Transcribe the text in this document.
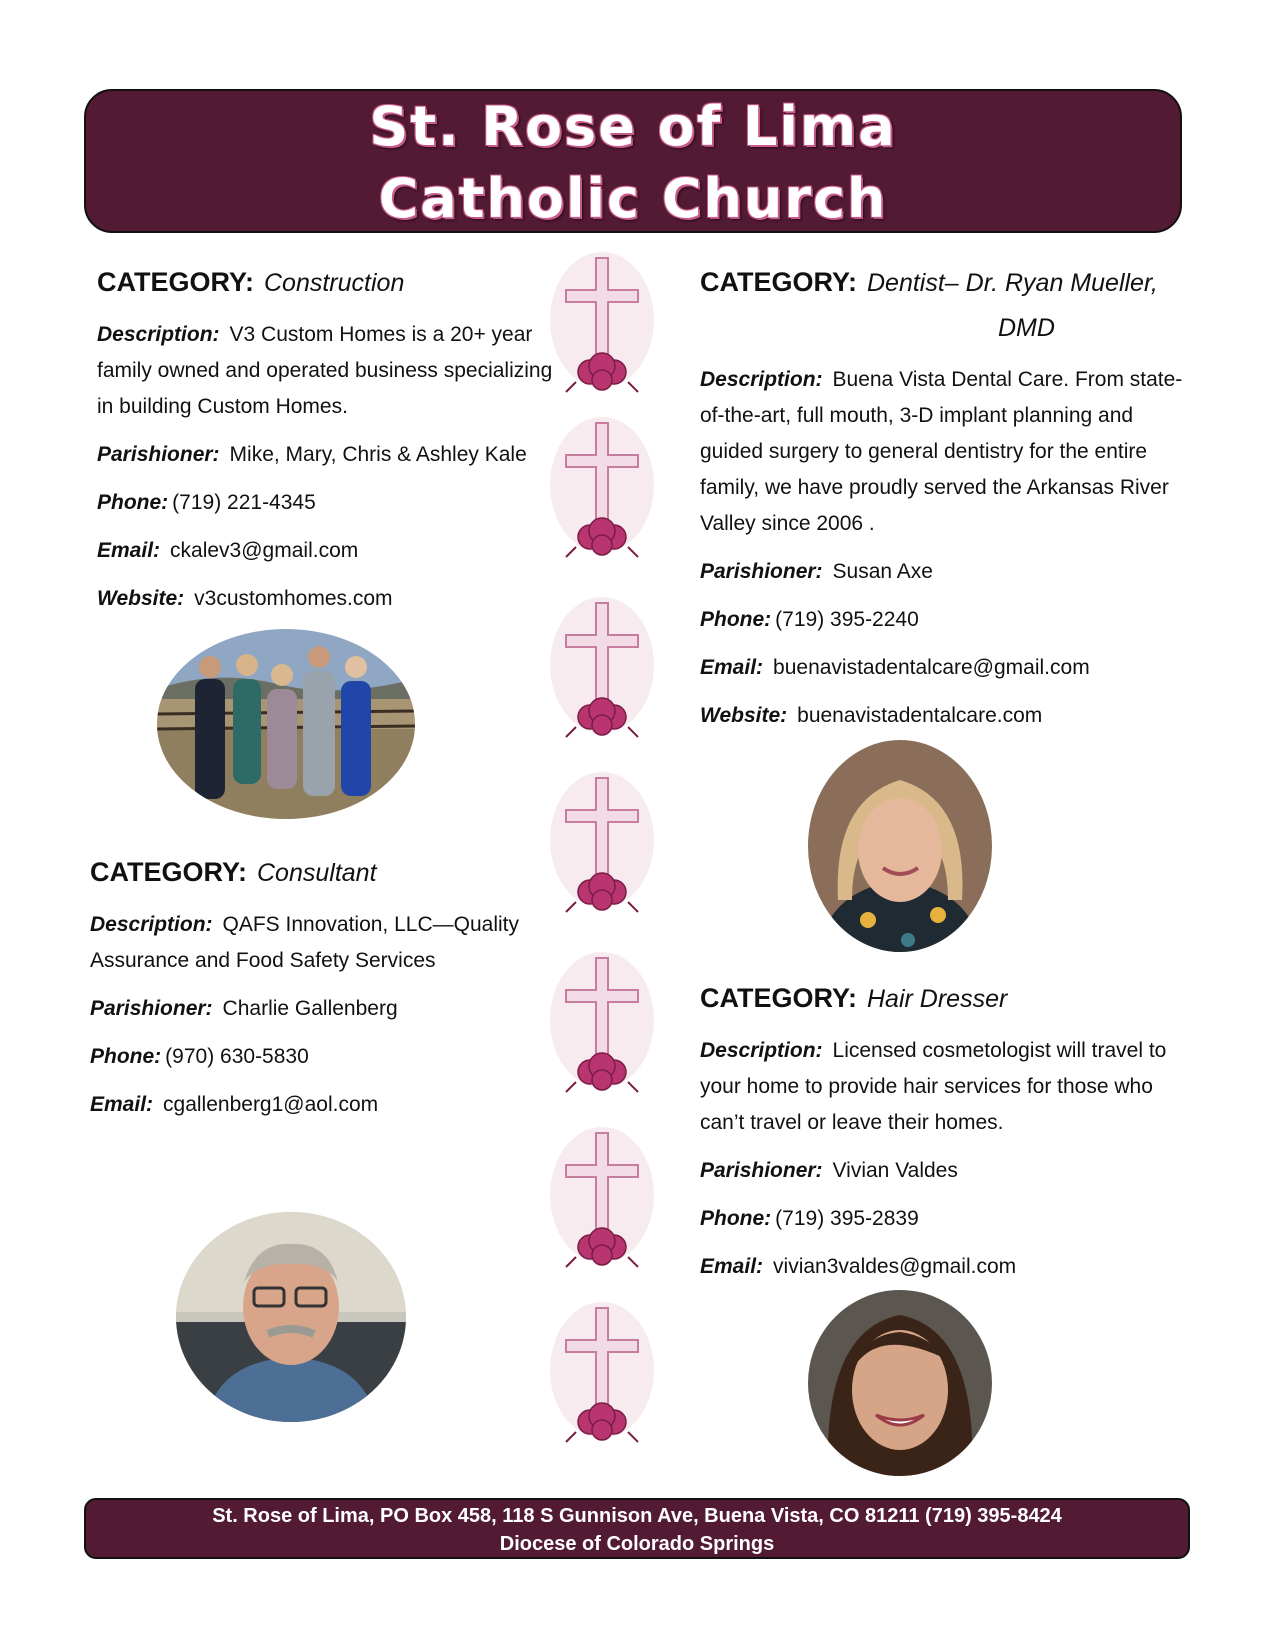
St. Rose of Lima
Catholic Church
CATEGORY: Construction

Description: V3 Custom Homes is a 20+ year family owned and operated business specializing in building Custom Homes.

Parishioner: Mike, Mary, Chris & Ashley Kale

Phone: (719) 221-4345

Email: ckalev3@gmail.com

Website: v3customhomes.com

CATEGORY: Consultant

Description: QAFS Innovation, LLC—Quality Assurance and Food Safety Services

Parishioner: Charlie Gallenberg

Phone: (970) 630-5830

Email: cgallenberg1@aol.com

CATEGORY: Dentist– Dr. Ryan Mueller,
DMD

Description: Buena Vista Dental Care. From state-of-the-art, full mouth, 3-D implant planning and guided surgery to general dentistry for the entire family, we have proudly served the Arkansas River Valley since 2006 .

Parishioner: Susan Axe

Phone: (719) 395-2240

Email: buenavistadentalcare@gmail.com

Website: buenavistadentalcare.com

CATEGORY: Hair Dresser

Description: Licensed cosmetologist will travel to your home to provide hair services for those who can’t travel or leave their homes.

Parishioner: Vivian Valdes

Phone: (719) 395-2839

Email: vivian3valdes@gmail.com

St. Rose of Lima, PO Box 458, 118 S Gunnison Ave, Buena Vista, CO 81211 (719) 395-8424
Diocese of Colorado Springs
